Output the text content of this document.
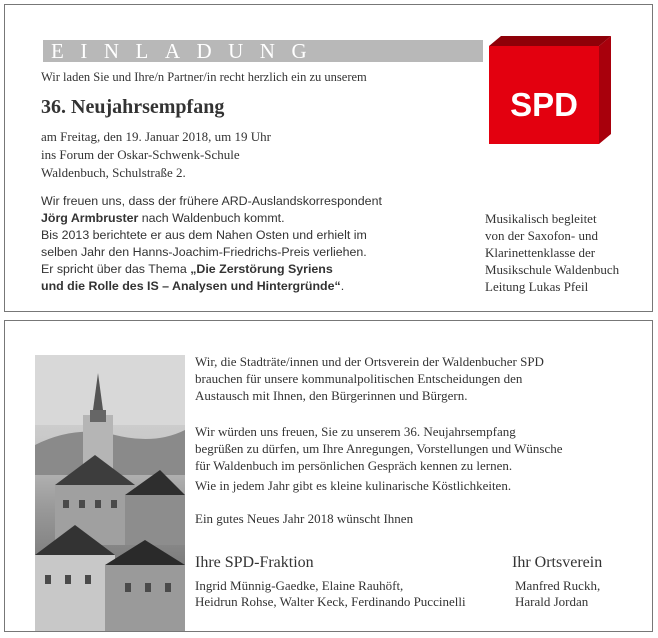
EINLADUNG
SPD
Wir laden Sie und Ihre/n Partner/in recht herzlich ein zu unserem
36. Neujahrsempfang
am Freitag, den 19. Januar 2018, um 19 Uhr
ins Forum der Oskar-Schwenk-Schule
Waldenbuch, Schulstraße 2.
Wir freuen uns, dass der frühere ARD-Auslandskorrespondent
Jörg Armbruster nach Waldenbuch kommt.
Bis 2013 berichtete er aus dem Nahen Osten und erhielt im
selben Jahr den Hanns-Joachim-Friedrichs-Preis verliehen.
Er spricht über das Thema „Die Zerstörung Syriens
und die Rolle des IS – Analysen und Hintergründe“.
Musikalisch begleitet
von der Saxofon- und
Klarinettenklasse der
Musikschule Waldenbuch
Leitung Lukas Pfeil
Wir, die Stadträte/innen und der Ortsverein der Waldenbucher SPD
brauchen für unsere kommunalpolitischen Entscheidungen den
Austausch mit Ihnen, den Bürgerinnen und Bürgern.
Wir würden uns freuen, Sie zu unserem 36. Neujahrsempfang
begrüßen zu dürfen, um Ihre Anregungen, Vorstellungen und Wünsche
für Waldenbuch im persönlichen Gespräch kennen zu lernen.
Wie in jedem Jahr gibt es kleine kulinarische Köstlichkeiten.
Ein gutes Neues Jahr 2018 wünscht Ihnen
Ihre SPD-Fraktion
Ingrid Münnig-Gaedke, Elaine Rauhöft,
Heidrun Rohse, Walter Keck, Ferdinando Puccinelli
Ihr Ortsverein
Manfred Ruckh,
Harald Jordan
